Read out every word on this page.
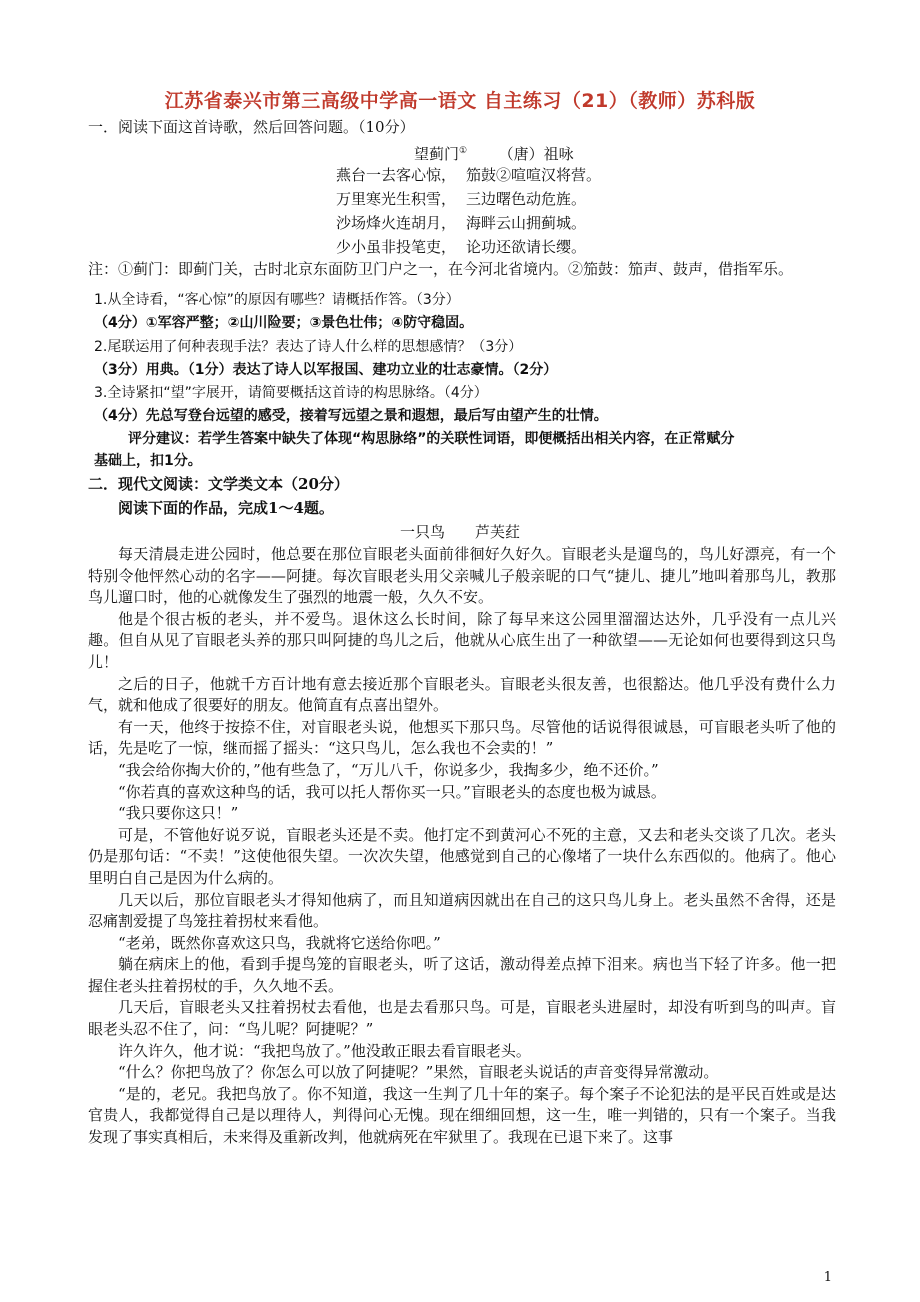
江苏省泰兴市第三高级中学高一语文 自主练习（21）（教师）苏科版
一．阅读下面这首诗歌，然后回答问题。（10分）
望蓟门① （唐）祖咏
燕台一去客心惊， 笳鼓②喧喧汉将营。
万里寒光生积雪， 三边曙色动危旌。
沙场烽火连胡月， 海畔云山拥蓟城。
少小虽非投笔吏， 论功还欲请长缨。
注：①蓟门：即蓟门关，古时北京东面防卫门户之一，在今河北省境内。②笳鼓：笳声、鼓声，借指军乐。
1.从全诗看，“客心惊”的原因有哪些？请概括作答。（3分）
（4分）①军容严整；②山川险要；③景色壮伟；④防守稳固。
2.尾联运用了何种表现手法？表达了诗人什么样的思想感情？（3分）
（3分）用典。（1分）表达了诗人以军报国、建功立业的壮志豪情。（2分）
3.全诗紧扣“望”字展开，请简要概括这首诗的构思脉络。（4分）
（4分）先总写登台远望的感受，接着写远望之景和遐想，最后写由望产生的壮情。
评分建议：若学生答案中缺失了体现“构思脉络”的关联性词语，即便概括出相关内容，在正常赋分
基础上，扣1分。
二．现代文阅读：文学类文本（20分）
阅读下面的作品，完成1～4题。
一只鸟　　芦芙荭

每天清晨走进公园时，他总要在那位盲眼老头面前徘徊好久好久。盲眼老头是遛鸟的，鸟儿好漂亮，有一个特别令他怦然心动的名字——阿捷。每次盲眼老头用父亲喊儿子般亲昵的口气“捷儿、捷儿”地叫着那鸟儿，教那鸟儿遛口时，他的心就像发生了强烈的地震一般，久久不安。

他是个很古板的老头，并不爱鸟。退休这么长时间，除了每早来这公园里溜溜达达外，几乎没有一点儿兴趣。但自从见了盲眼老头养的那只叫阿捷的鸟儿之后，他就从心底生出了一种欲望——无论如何也要得到这只鸟儿！

之后的日子，他就千方百计地有意去接近那个盲眼老头。盲眼老头很友善，也很豁达。他几乎没有费什么力气，就和他成了很要好的朋友。他简直有点喜出望外。

有一天，他终于按捺不住，对盲眼老头说，他想买下那只鸟。尽管他的话说得很诚恳，可盲眼老头听了他的话，先是吃了一惊，继而摇了摇头：“这只鸟儿，怎么我也不会卖的！”

“我会给你掏大价的，”他有些急了，“万儿八千，你说多少，我掏多少，绝不还价。”

“你若真的喜欢这种鸟的话，我可以托人帮你买一只。”盲眼老头的态度也极为诚恳。

“我只要你这只！”

可是，不管他好说歹说，盲眼老头还是不卖。他打定不到黄河心不死的主意，又去和老头交谈了几次。老头仍是那句话：“不卖！”这使他很失望。一次次失望，他感觉到自己的心像堵了一块什么东西似的。他病了。他心里明白自己是因为什么病的。

几天以后，那位盲眼老头才得知他病了，而且知道病因就出在自己的这只鸟儿身上。老头虽然不舍得，还是忍痛割爱提了鸟笼拄着拐杖来看他。

“老弟，既然你喜欢这只鸟，我就将它送给你吧。”

躺在病床上的他，看到手提鸟笼的盲眼老头，听了这话，激动得差点掉下泪来。病也当下轻了许多。他一把握住老头拄着拐杖的手，久久地不丢。

几天后，盲眼老头又拄着拐杖去看他，也是去看那只鸟。可是，盲眼老头进屋时，却没有听到鸟的叫声。盲眼老头忍不住了，问：“鸟儿呢？阿捷呢？”

许久许久，他才说：“我把鸟放了。”他没敢正眼去看盲眼老头。

“什么？你把鸟放了？你怎么可以放了阿捷呢？”果然，盲眼老头说话的声音变得异常激动。

“是的，老兄。我把鸟放了。你不知道，我这一生判了几十年的案子。每个案子不论犯法的是平民百姓或是达官贵人，我都觉得自己是以理待人，判得问心无愧。现在细细回想，这一生，唯一判错的，只有一个案子。当我发现了事实真相后，未来得及重新改判，他就病死在牢狱里了。我现在已退下来了。这事

1
